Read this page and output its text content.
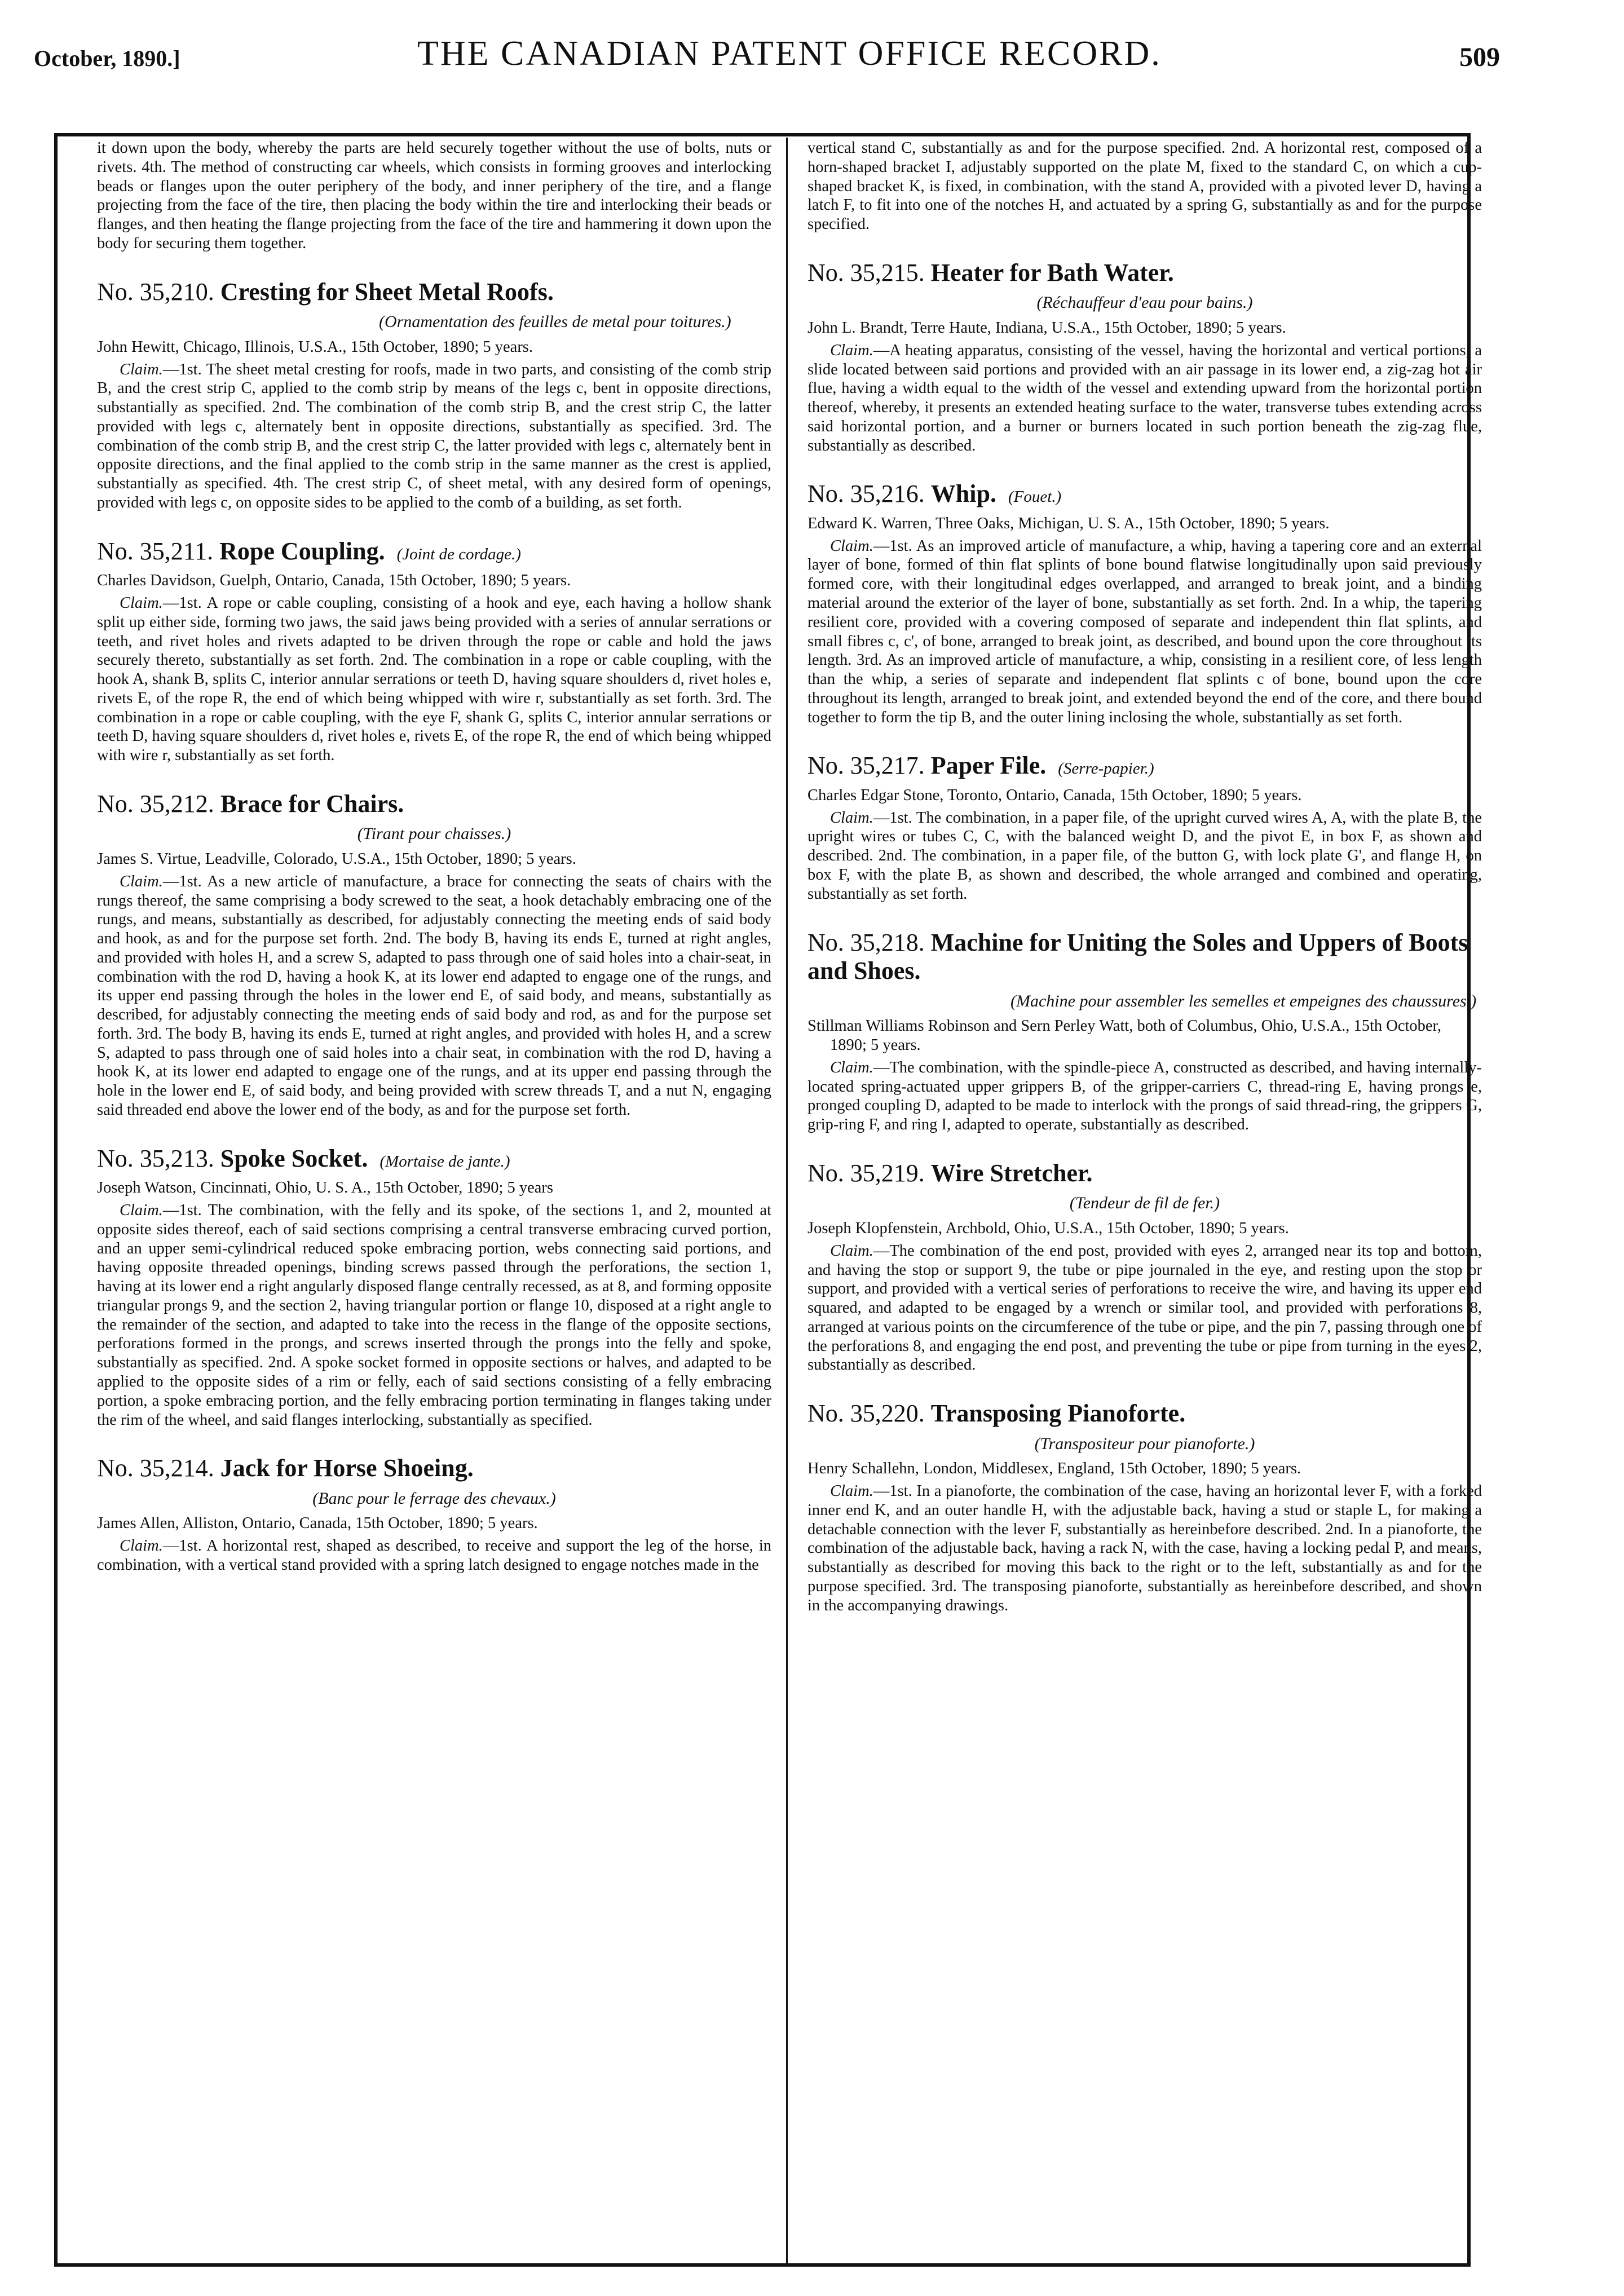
October, 1890.]	THE CANADIAN PATENT OFFICE RECORD.	509

it down upon the body, whereby the parts are held securely together without the use of bolts, nuts or rivets. 4th. The method of constructing car wheels, which consists in forming grooves and interlocking beads or flanges upon the outer periphery of the body, and inner periphery of the tire, and a flange projecting from the face of the tire, then placing the body within the tire and interlocking their beads or flanges, and then heating the flange projecting from the face of the tire and hammering it down upon the body for securing them together.

No. 35,210. Cresting for Sheet Metal Roofs.
(Ornamentation des feuilles de metal pour toitures.)

John Hewitt, Chicago, Illinois, U.S.A., 15th October, 1890; 5 years.

Claim.—1st. The sheet metal cresting for roofs, made in two parts, and consisting of the comb strip B, and the crest strip C, applied to the comb strip by means of the legs c, bent in opposite directions, substantially as specified. 2nd. The combination of the comb strip B, and the crest strip C, the latter provided with legs c, alternately bent in opposite directions, substantially as specified. 3rd. The combination of the comb strip B, and the crest strip C, the latter provided with legs c, alternately bent in opposite directions, and the final applied to the comb strip in the same manner as the crest is applied, substantially as specified. 4th. The crest strip C, of sheet metal, with any desired form of openings, provided with legs c, on opposite sides to be applied to the comb of a building, as set forth.

No. 35,211. Rope Coupling. (Joint de cordage.)

Charles Davidson, Guelph, Ontario, Canada, 15th October, 1890; 5 years.

Claim.—1st. A rope or cable coupling, consisting of a hook and eye, each having a hollow shank split up either side, forming two jaws, the said jaws being provided with a series of annular serrations or teeth, and rivet holes and rivets adapted to be driven through the rope or cable and hold the jaws securely thereto, substantially as set forth. 2nd. The combination in a rope or cable coupling, with the hook A, shank B, splits C, interior annular serrations or teeth D, having square shoulders d, rivet holes e, rivets E, of the rope R, the end of which being whipped with wire r, substantially as set forth. 3rd. The combination in a rope or cable coupling, with the eye F, shank G, splits C, interior annular serrations or teeth D, having square shoulders d, rivet holes e, rivets E, of the rope R, the end of which being whipped with wire r, substantially as set forth.

No. 35,212. Brace for Chairs.
(Tirant pour chaisses.)

James S. Virtue, Leadville, Colorado, U.S.A., 15th October, 1890; 5 years.

Claim.—1st. As a new article of manufacture, a brace for connecting the seats of chairs with the rungs thereof, the same comprising a body screwed to the seat, a hook detachably embracing one of the rungs, and means, substantially as described, for adjustably connecting the meeting ends of said body and hook, as and for the purpose set forth. 2nd. The body B, having its ends E, turned at right angles, and provided with holes H, and a screw S, adapted to pass through one of said holes into a chair-seat, in combination with the rod D, having a hook K, at its lower end adapted to engage one of the rungs, and its upper end passing through the holes in the lower end E, of said body, and means, substantially as described, for adjustably connecting the meeting ends of said body and rod, as and for the purpose set forth. 3rd. The body B, having its ends E, turned at right angles, and provided with holes H, and a screw S, adapted to pass through one of said holes into a chair seat, in combination with the rod D, having a hook K, at its lower end adapted to engage one of the rungs, and at its upper end passing through the hole in the lower end E, of said body, and being provided with screw threads T, and a nut N, engaging said threaded end above the lower end of the body, as and for the purpose set forth.

No. 35,213. Spoke Socket. (Mortaise de jante.)

Joseph Watson, Cincinnati, Ohio, U. S. A., 15th October, 1890; 5 years

Claim.—1st. The combination, with the felly and its spoke, of the sections 1, and 2, mounted at opposite sides thereof, each of said sections comprising a central transverse embracing curved portion, and an upper semi-cylindrical reduced spoke embracing portion, webs connecting said portions, and having opposite threaded openings, binding screws passed through the perforations, the section 1, having at its lower end a right angularly disposed flange centrally recessed, as at 8, and forming opposite triangular prongs 9, and the section 2, having triangular portion or flange 10, disposed at a right angle to the remainder of the section, and adapted to take into the recess in the flange of the opposite sections, perforations formed in the prongs, and screws inserted through the prongs into the felly and spoke, substantially as specified. 2nd. A spoke socket formed in opposite sections or halves, and adapted to be applied to the opposite sides of a rim or felly, each of said sections consisting of a felly embracing portion, a spoke embracing portion, and the felly embracing portion terminating in flanges taking under the rim of the wheel, and said flanges interlocking, substantially as specified.

No. 35,214. Jack for Horse Shoeing.
(Banc pour le ferrage des chevaux.)

James Allen, Alliston, Ontario, Canada, 15th October, 1890; 5 years.

Claim.—1st. A horizontal rest, shaped as described, to receive and support the leg of the horse, in combination, with a vertical stand provided with a spring latch designed to engage notches made in the

vertical stand C, substantially as and for the purpose specified. 2nd. A horizontal rest, composed of a horn-shaped bracket I, adjustably supported on the plate M, fixed to the standard C, on which a cup-shaped bracket K, is fixed, in combination, with the stand A, provided with a pivoted lever D, having a latch F, to fit into one of the notches H, and actuated by a spring G, substantially as and for the purpose specified.

No. 35,215. Heater for Bath Water.
(Réchauffeur d'eau pour bains.)

John L. Brandt, Terre Haute, Indiana, U.S.A., 15th October, 1890; 5 years.

Claim.—A heating apparatus, consisting of the vessel, having the horizontal and vertical portions, a slide located between said portions and provided with an air passage in its lower end, a zig-zag hot air flue, having a width equal to the width of the vessel and extending upward from the horizontal portion thereof, whereby, it presents an extended heating surface to the water, transverse tubes extending across said horizontal portion, and a burner or burners located in such portion beneath the zig-zag flue, substantially as described.

No. 35,216. Whip. (Fouet.)

Edward K. Warren, Three Oaks, Michigan, U. S. A., 15th October, 1890; 5 years.

Claim.—1st. As an improved article of manufacture, a whip, having a tapering core and an external layer of bone, formed of thin flat splints of bone bound flatwise longitudinally upon said previously formed core, with their longitudinal edges overlapped, and arranged to break joint, and a binding material around the exterior of the layer of bone, substantially as set forth. 2nd. In a whip, the tapering resilient core, provided with a covering composed of separate and independent thin flat splints, and small fibres c, c', of bone, arranged to break joint, as described, and bound upon the core throughout its length. 3rd. As an improved article of manufacture, a whip, consisting in a resilient core, of less length than the whip, a series of separate and independent flat splints c of bone, bound upon the core throughout its length, arranged to break joint, and extended beyond the end of the core, and there bound together to form the tip B, and the outer lining inclosing the whole, substantially as set forth.

No. 35,217. Paper File. (Serre-papier.)

Charles Edgar Stone, Toronto, Ontario, Canada, 15th October, 1890; 5 years.

Claim.—1st. The combination, in a paper file, of the upright curved wires A, A, with the plate B, the upright wires or tubes C, C, with the balanced weight D, and the pivot E, in box F, as shown and described. 2nd. The combination, in a paper file, of the button G, with lock plate G', and flange H, on box F, with the plate B, as shown and described, the whole arranged and combined and operating, substantially as set forth.

No. 35,218. Machine for Uniting the Soles and Uppers of Boots and Shoes.
(Machine pour assembler les semelles et empeignes des chaussures.)

Stillman Williams Robinson and Sern Perley Watt, both of Columbus, Ohio, U.S.A., 15th October, 1890; 5 years.

Claim.—The combination, with the spindle-piece A, constructed as described, and having internally-located spring-actuated upper grippers B, of the gripper-carriers C, thread-ring E, having prongs e, pronged coupling D, adapted to be made to interlock with the prongs of said thread-ring, the grippers G, grip-ring F, and ring I, adapted to operate, substantially as described.

No. 35,219. Wire Stretcher.
(Tendeur de fil de fer.)

Joseph Klopfenstein, Archbold, Ohio, U.S.A., 15th October, 1890; 5 years.

Claim.—The combination of the end post, provided with eyes 2, arranged near its top and bottom, and having the stop or support 9, the tube or pipe journaled in the eye, and resting upon the stop or support, and provided with a vertical series of perforations to receive the wire, and having its upper end squared, and adapted to be engaged by a wrench or similar tool, and provided with perforations 8, arranged at various points on the circumference of the tube or pipe, and the pin 7, passing through one of the perforations 8, and engaging the end post, and preventing the tube or pipe from turning in the eyes 2, substantially as described.

No. 35,220. Transposing Pianoforte.
(Transpositeur pour pianoforte.)

Henry Schallehn, London, Middlesex, England, 15th October, 1890; 5 years.

Claim.—1st. In a pianoforte, the combination of the case, having an horizontal lever F, with a forked inner end K, and an outer handle H, with the adjustable back, having a stud or staple L, for making a detachable connection with the lever F, substantially as hereinbefore described. 2nd. In a pianoforte, the combination of the adjustable back, having a rack N, with the case, having a locking pedal P, and means, substantially as described for moving this back to the right or to the left, substantially as and for the purpose specified. 3rd. The transposing pianoforte, substantially as hereinbefore described, and shown in the accompanying drawings.
